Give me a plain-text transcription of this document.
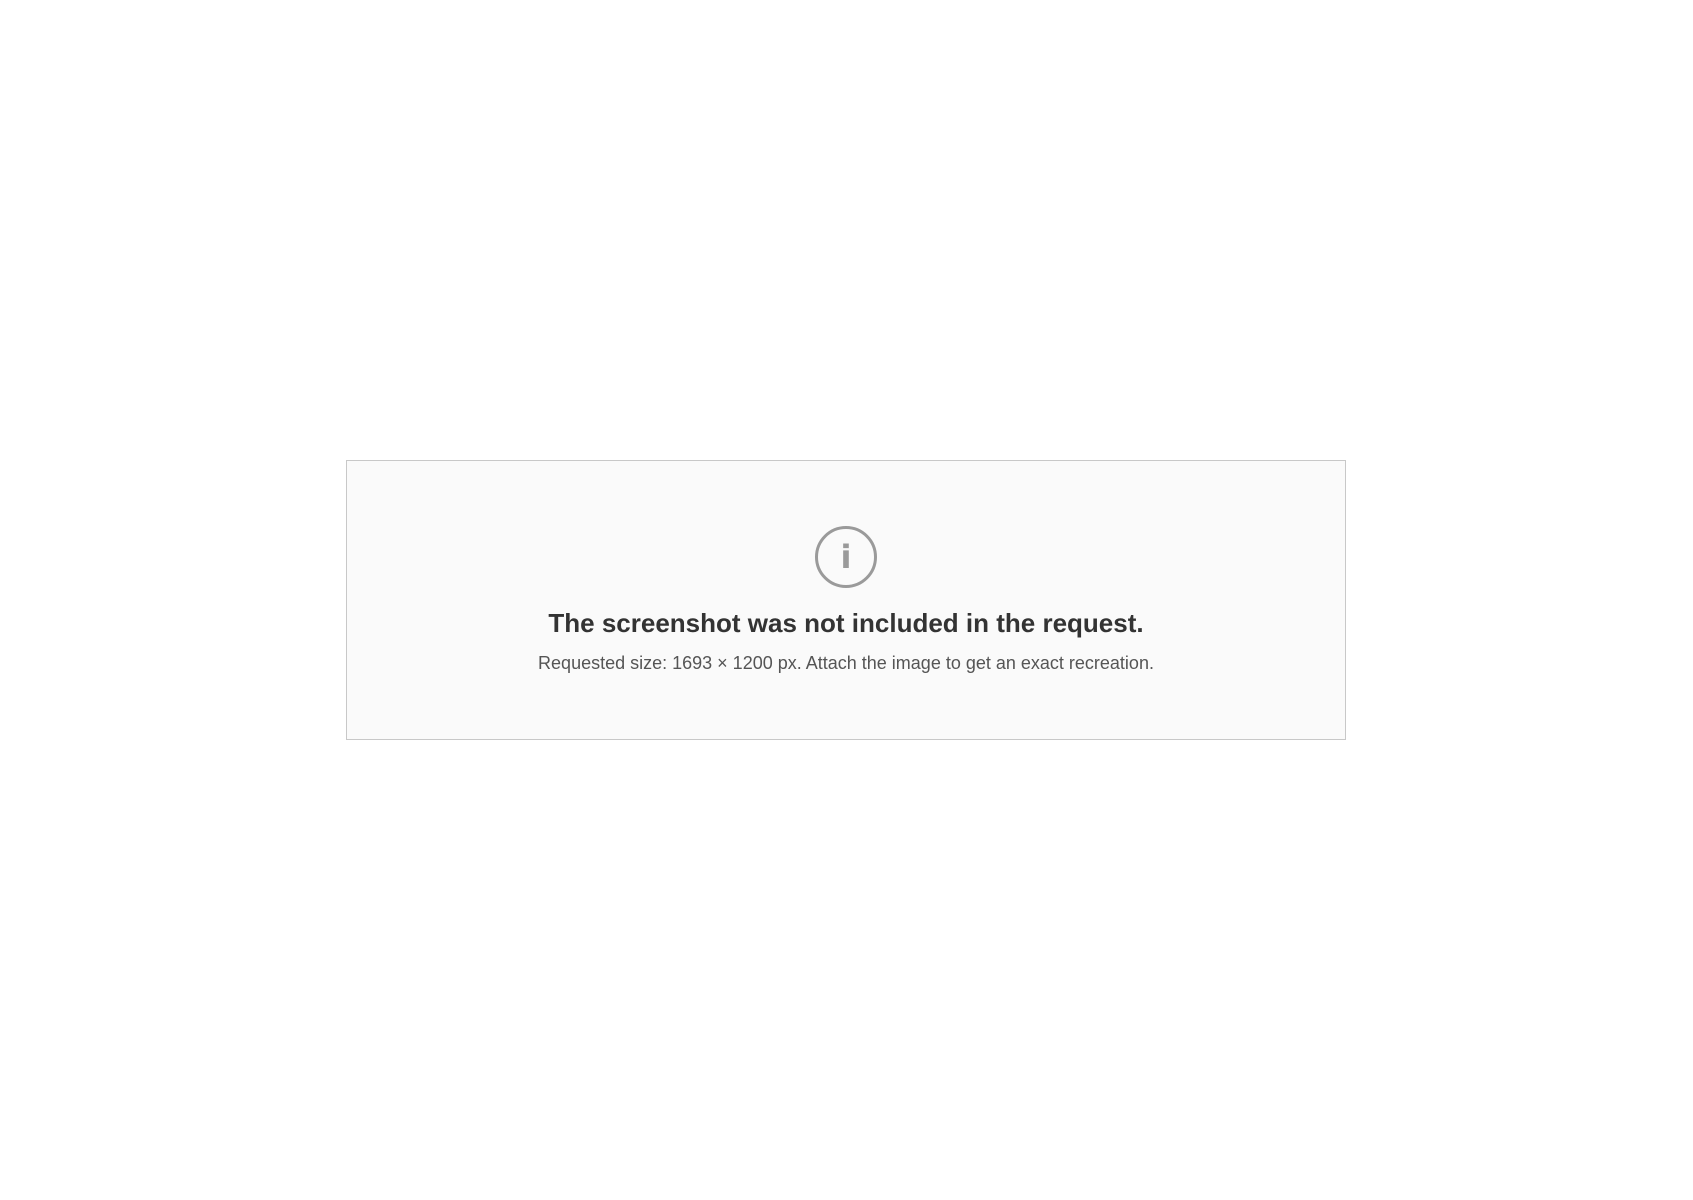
i

The screenshot was not included in the request.

Requested size: 1693 × 1200 px. Attach the image to get an exact recreation.
